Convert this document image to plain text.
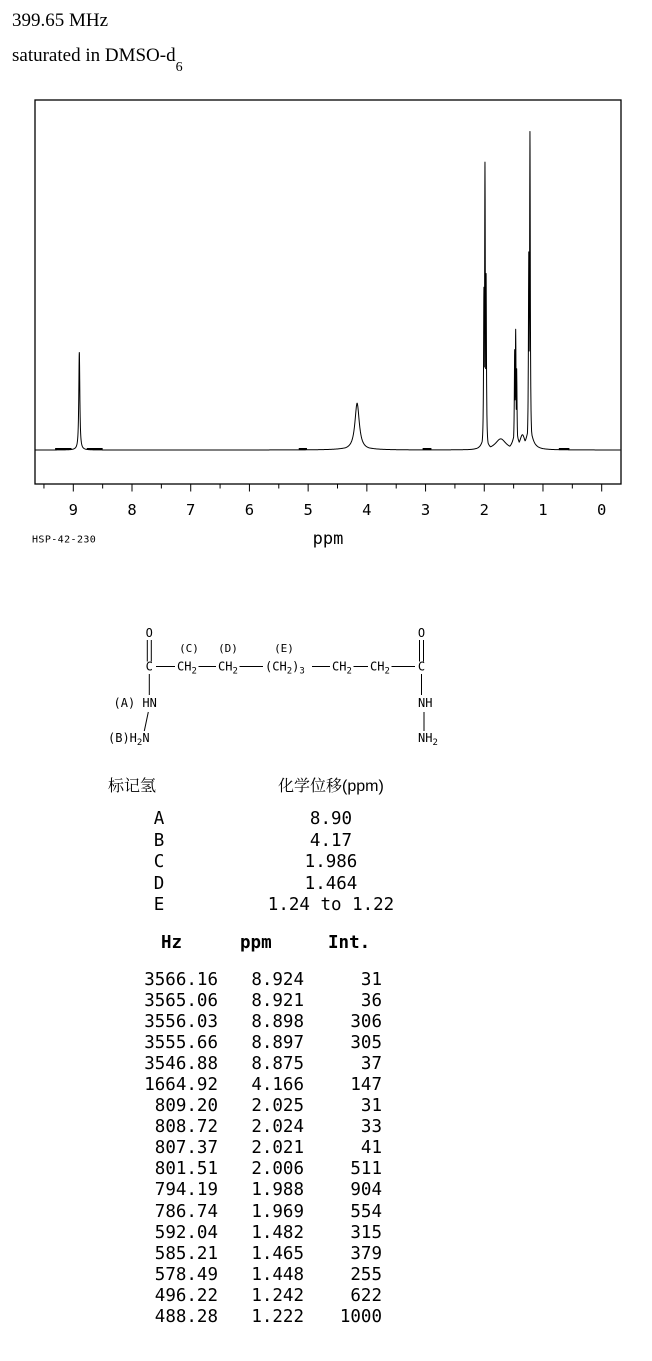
399.65 MHz
saturated in DMSO-$d_6$
ppm
HSP-42-230
9	8	7	6	5	4	3	2	1	0
O	O
(C) (D)	(E)
C $CH_2$ $CH_2$ $(CH_2)_3$ $CH_2$ $CH_2$ C
(A) HN
$(B)H_2N$
NH
$NH_2$
标记氢	化学位移(ppm)
A	8.90
B	4.17
C	1.986
D	1.464
E	1.24 to 1.22
Hz	ppm	Int.
3566.16 8.924	31
3565.06 8.921	36
3556.03 8.898	306
3555.66 8.897	305
3546.88 8.875	37
1664.92 4.166	147
809.20 2.025	31
808.72 2.024	33
807.37 2.021	41
801.51 2.006	511
794.19 1.988	904
786.74 1.969	554
592.04 1.482	315
585.21 1.465	379
578.49 1.448	255
496.22 1.242	622
488.28 1.222 1000
